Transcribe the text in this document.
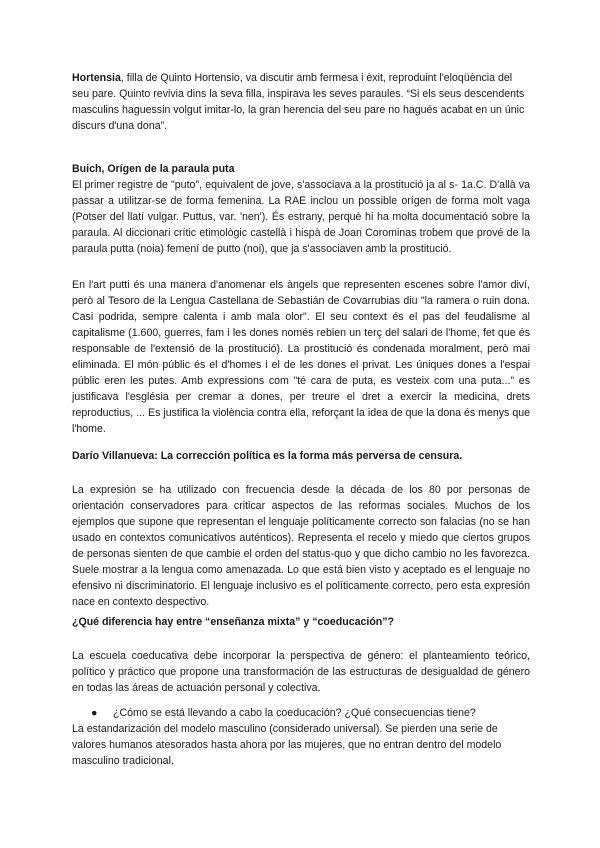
Hortensia, filla de Quinto Hortensio, va discutir amb fermesa i èxit, reproduint l'eloqüència del seu pare. Quinto revivia dins la seva filla, inspirava les seves paraules. “Si els seus descendents masculins haguessin volgut imitar-lo, la gran herencia del seu pare no hagués acabat en un únic discurs d'una dona”.

Buich, Orígen de la paraula puta

El primer registre de "puto", equivalent de jove, s'associava a la prostitució ja al s- 1a.C. D'allà va passar a utilitzar-se de forma femenina. La RAE inclou un possible orígen de forma molt vaga (Potser del llatí vulgar. Puttus, var. 'nen'). És estrany, perquè hi ha molta documentació sobre la paraula. Al diccionari crític etimològic castellà i hispà de Joan Corominas trobem que prové de la paraula putta (noia) femení de putto (noi), que ja s'associaven amb la prostitució.

En l'art putti és una manera d'anomenar els àngels que representen escenes sobre l'amor diví, però al Tesoro de la Lengua Castellana de Sebastián de Covarrubias diu "la ramera o ruin dona. Casi podrida, sempre calenta i amb mala olor". El seu context és el pas del feudalisme al capitalisme (1.600, guerres, fam i les dones només rebien un terç del salari de l'home, fet que és responsable de l'extensió de la prostitució). La prostitució és condenada moralment, però mai eliminada. El món públic és el d'homes i el de les dones el privat. Les úniques dones a l'espai públic eren les putes. Amb expressions com "té cara de puta, es vesteix com una puta..." es justificava l'església per cremar a dones, per treure el dret a exercir la medicina, drets reproductius, ... Es justifica la violència contra ella, reforçant la idea de que la dona és menys que l'home.

Darío Villanueva: La corrección política es la forma más perversa de censura.

La expresión se ha utilizado con frecuencia desde la década de los 80 por personas de orientación conservadores para criticar aspectos de las reformas sociales. Muchos de los ejemplos que supone que representan el lenguaje políticamente correcto son falacias (no se han usado en contextos comunicativos auténticos). Representa el recelo y miedo que ciertos grupos de personas sienten de que cambie el orden del status-quo y que dicho cambio no les favorezca. Suele mostrar a la lengua como amenazada. Lo que está bien visto y aceptado es el lenguaje no efensivo ni discriminatorio. El lenguaje inclusivo es el políticamente correcto, pero esta expresión nace en contexto despectivo.

¿Qué diferencia hay entre “enseñanza mixta” y “coeducación”?

La escuela coeducativa debe incorporar la perspectiva de género: el planteamiento teórico, político y práctico que propone una transformación de las estructuras de desigualdad de género en todas las áreas de actuación personal y colectiva.

● ¿Cómo se está llevando a cabo la coeducación? ¿Qué consecuencias tiene?

La estandarización del modelo masculino (considerado universal). Se pierden una serie de valores humanos atesorados hasta ahora por las mujeres, que no entran dentro del modelo masculino tradicional.
